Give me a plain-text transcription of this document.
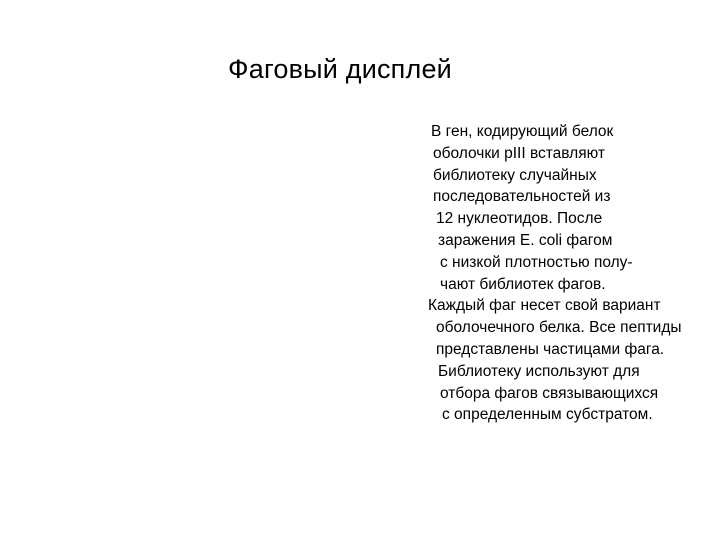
Фаговый дисплей
В ген, кодирующий белок
оболочки pIII вставляют
библиотеку случайных
последовательностей из
12 нуклеотидов. После
заражения E. coli фагом
с низкой плотностью полу-
чают библиотек фагов.
Каждый фаг несет свой вариант
оболочечного белка. Все пептиды
представлены частицами фага.
Библиотеку используют для
отбора фагов связывающихся
с определенным субстратом.
